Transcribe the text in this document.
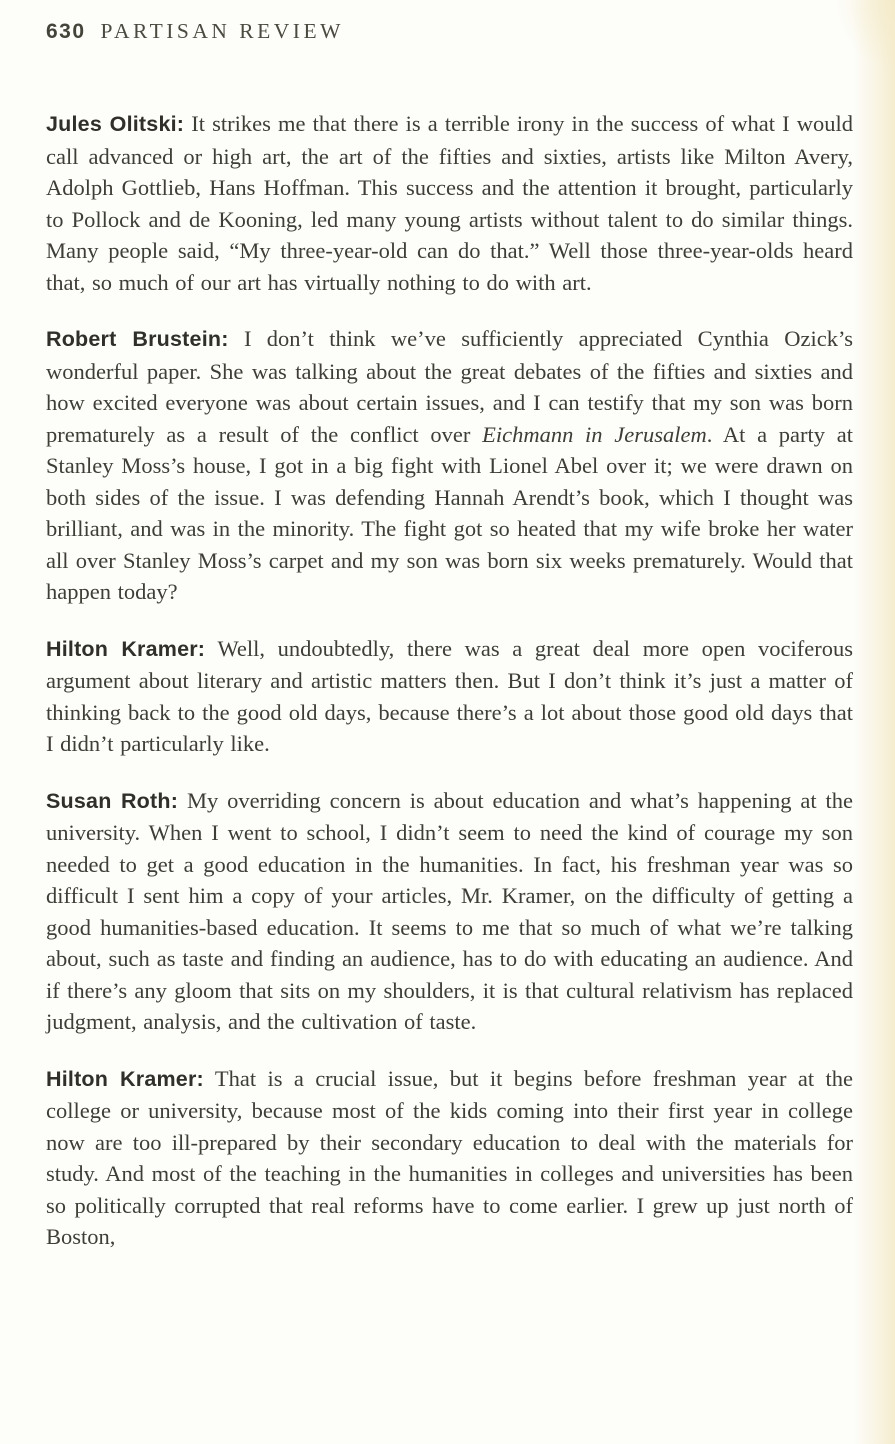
630 PARTISAN REVIEW

Jules Olitski: It strikes me that there is a terrible irony in the success of what I would call advanced or high art, the art of the fifties and sixties, artists like Milton Avery, Adolph Gottlieb, Hans Hoffman. This success and the attention it brought, particularly to Pollock and de Kooning, led many young artists without talent to do similar things. Many people said, “My three-year-old can do that.” Well those three-year-olds heard that, so much of our art has virtually nothing to do with art.

Robert Brustein: I don’t think we’ve sufficiently appreciated Cynthia Ozick’s wonderful paper. She was talking about the great debates of the fifties and sixties and how excited everyone was about certain issues, and I can testify that my son was born prematurely as a result of the conflict over Eichmann in Jerusalem. At a party at Stanley Moss’s house, I got in a big fight with Lionel Abel over it; we were drawn on both sides of the issue. I was defending Hannah Arendt’s book, which I thought was brilliant, and was in the minority. The fight got so heated that my wife broke her water all over Stanley Moss’s carpet and my son was born six weeks prematurely. Would that happen today?

Hilton Kramer: Well, undoubtedly, there was a great deal more open vociferous argument about literary and artistic matters then. But I don’t think it’s just a matter of thinking back to the good old days, because there’s a lot about those good old days that I didn’t particularly like.

Susan Roth: My overriding concern is about education and what’s happening at the university. When I went to school, I didn’t seem to need the kind of courage my son needed to get a good education in the humanities. In fact, his freshman year was so difficult I sent him a copy of your articles, Mr. Kramer, on the difficulty of getting a good humanities-based education. It seems to me that so much of what we’re talking about, such as taste and finding an audience, has to do with educating an audience. And if there’s any gloom that sits on my shoulders, it is that cultural relativism has replaced judgment, analysis, and the cultivation of taste.

Hilton Kramer: That is a crucial issue, but it begins before freshman year at the college or university, because most of the kids coming into their first year in college now are too ill-prepared by their secondary education to deal with the materials for study. And most of the teaching in the humanities in colleges and universities has been so politically corrupted that real reforms have to come earlier. I grew up just north of Boston,
